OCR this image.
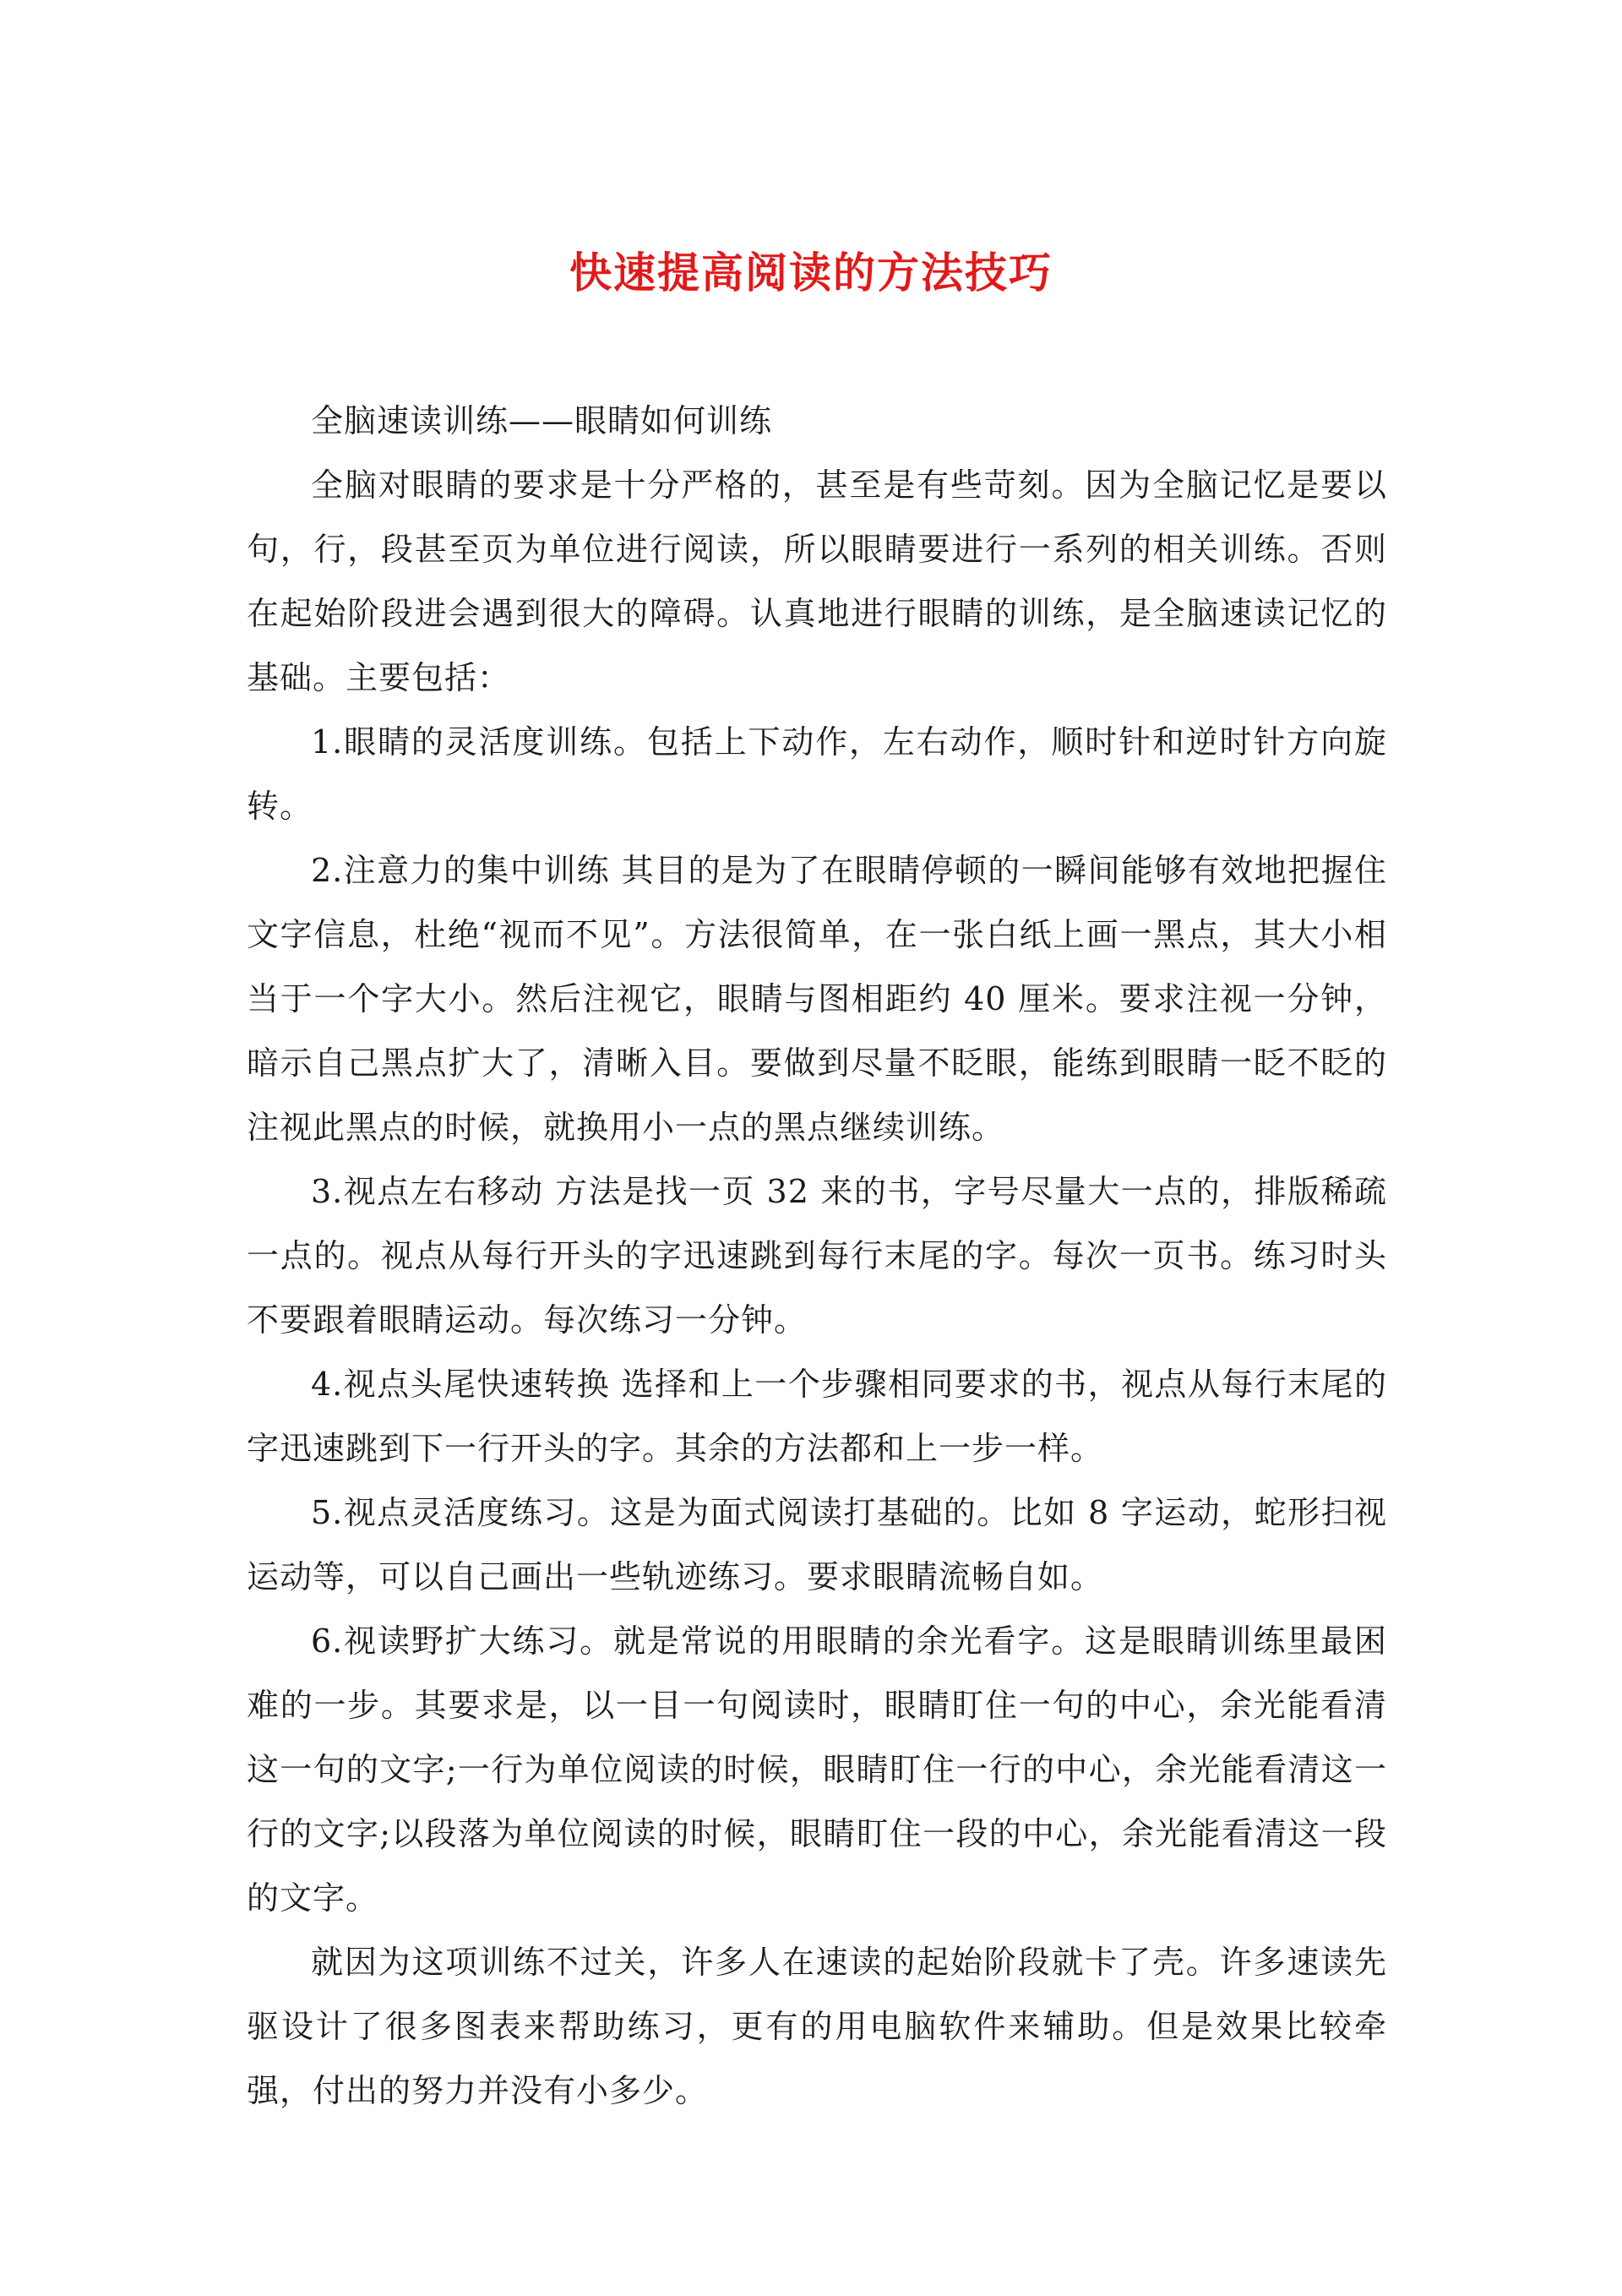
快速提高阅读的方法技巧

全脑速读训练——眼睛如何训练

全脑对眼睛的要求是十分严格的，甚至是有些苛刻。因为全脑记忆是要以句，行，段甚至页为单位进行阅读，所以眼睛要进行一系列的相关训练。否则在起始阶段进会遇到很大的障碍。认真地进行眼睛的训练，是全脑速读记忆的基础。主要包括：

1.眼睛的灵活度训练。包括上下动作，左右动作，顺时针和逆时针方向旋转。

2.注意力的集中训练 其目的是为了在眼睛停顿的一瞬间能够有效地把握住文字信息，杜绝“视而不见”。方法很简单，在一张白纸上画一黑点，其大小相当于一个字大小。然后注视它，眼睛与图相距约 40 厘米。要求注视一分钟，暗示自己黑点扩大了，清晰入目。要做到尽量不眨眼，能练到眼睛一眨不眨的注视此黑点的时候，就换用小一点的黑点继续训练。

3.视点左右移动 方法是找一页 32 来的书，字号尽量大一点的，排版稀疏一点的。视点从每行开头的字迅速跳到每行末尾的字。每次一页书。练习时头不要跟着眼睛运动。每次练习一分钟。

4.视点头尾快速转换 选择和上一个步骤相同要求的书，视点从每行末尾的字迅速跳到下一行开头的字。其余的方法都和上一步一样。

5.视点灵活度练习。这是为面式阅读打基础的。比如 8 字运动，蛇形扫视运动等，可以自己画出一些轨迹练习。要求眼睛流畅自如。

6.视读野扩大练习。就是常说的用眼睛的余光看字。这是眼睛训练里最困难的一步。其要求是，以一目一句阅读时，眼睛盯住一句的中心，余光能看清这一句的文字;一行为单位阅读的时候，眼睛盯住一行的中心，余光能看清这一行的文字;以段落为单位阅读的时候，眼睛盯住一段的中心，余光能看清这一段的文字。

就因为这项训练不过关，许多人在速读的起始阶段就卡了壳。许多速读先驱设计了很多图表来帮助练习，更有的用电脑软件来辅助。但是效果比较牵强，付出的努力并没有小多少。
